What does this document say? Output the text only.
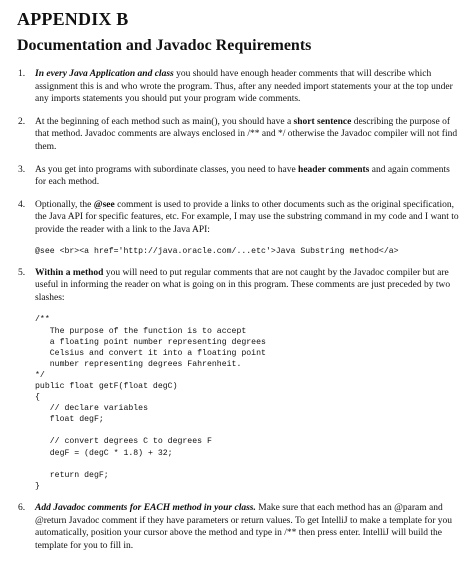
APPENDIX B
Documentation and Javadoc Requirements
1. In every Java Application and class you should have enough header comments that will describe which assignment this is and who wrote the program. Thus, after any needed import statements your at the top under any imports statements you should put your program wide comments.
2. At the beginning of each method such as main(), you should have a short sentence describing the purpose of that method. Javadoc comments are always enclosed in /** and */ otherwise the Javadoc compiler will not find them.
3. As you get into programs with subordinate classes, you need to have header comments and again comments for each method.
4. Optionally, the @see comment is used to provide a links to other documents such as the original specification, the Java API for specific features, etc. For example, I may use the substring command in my code and I want to provide the reader with a link to the Java API:
@see <br><a href='http://java.oracle.com/...etc'>Java Substring method</a>
5. Within a method you will need to put regular comments that are not caught by the Javadoc compiler but are useful in informing the reader on what is going on in this program. These comments are just preceded by two slashes:
/**
The purpose of the function is to accept
a floating point number representing degrees
Celsius and convert it into a floating point
number representing degrees Fahrenheit.
*/
public float getF(float degC)
{
// declare variables
float degF;

// convert degrees C to degrees F
degF = (degC * 1.8) + 32;

return degF;
}
6. Add Javadoc comments for EACH method in your class. Make sure that each method has an @param and @return Javadoc comment if they have parameters or return values. To get IntelliJ to make a template for you automatically, position your cursor above the method and type in /** then press enter. IntelliJ will build the template for you to fill in.
